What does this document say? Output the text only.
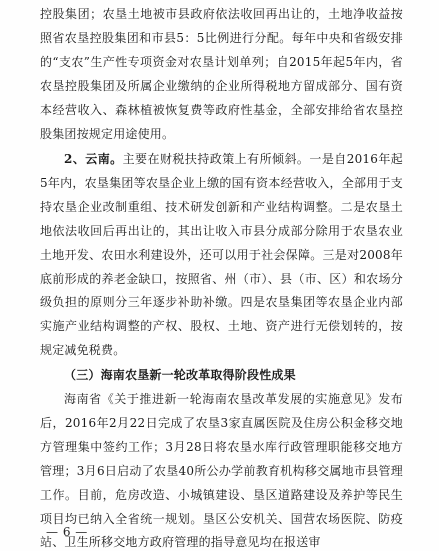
控股集团；农垦土地被市县政府依法收回再出让的，土地净收益按照省农垦控股集团和市县5：5比例进行分配。每年中央和省级安排的“支农”生产性专项资金对农垦计划单列；自2015年起5年内，省农垦控股集团及所属企业缴纳的企业所得税地方留成部分、国有资本经营收入、森林植被恢复费等政府性基金，全部安排给省农垦控股集团按规定用途使用。

2、云南。主要在财税扶持政策上有所倾斜。一是自2016年起5年内，农垦集团等农垦企业上缴的国有资本经营收入，全部用于支持农垦企业改制重组、技术研发创新和产业结构调整。二是农垦土地依法收回后再出让的，其出让收入市县分成部分除用于农垦农业土地开发、农田水利建设外，还可以用于社会保障。三是对2008年底前形成的养老金缺口，按照省、州（市）、县（市、区）和农场分级负担的原则分三年逐步补助补缴。四是农垦集团等农垦企业内部实施产业结构调整的产权、股权、土地、资产进行无偿划转的，按规定减免税费。

（三）海南农垦新一轮改革取得阶段性成果

海南省《关于推进新一轮海南农垦改革发展的实施意见》发布后，2016年2月22日完成了农垦3家直属医院及住房公积金移交地方管理集中签约工作；3月28日将农垦水库行政管理职能移交地方管理；3月6日启动了农垦40所公办学前教育机构移交属地市县管理工作。目前，危房改造、小城镇建设、垦区道路建设及养护等民生项目均已纳入全省统一规划。垦区公安机关、国营农场医院、防疫站、卫生所移交地方政府管理的指导意见均在报送审

— 6 —
